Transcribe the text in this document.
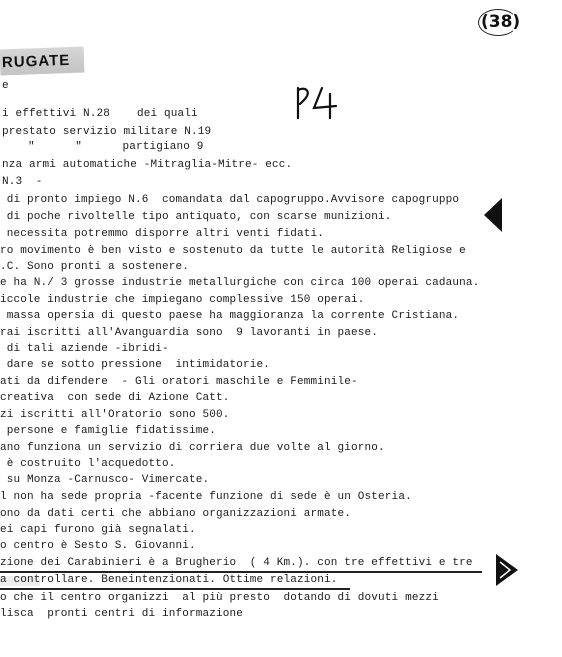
RUGATE
e
(38)
i effettivi N.28    dei quali
prestato servizio militare N.19
"      "      partigiano 9
nza armi automatiche -Mitraglia-Mitre- ecc.
N.3  -
di pronto impiego N.6  comandata dal capogruppo.Avvisore capogruppo
di poche rivoltelle tipo antiquato, con scarse munizioni.
necessita potremmo disporre altri venti fidati.
ro movimento è ben visto e sostenuto da tutte le autorità Religiose e
.C. Sono pronti a sostenere.
e ha N./ 3 grosse industrie metallurgiche con circa 100 operai cadauna.
iccole industrie che impiegano complessive 150 operai.
massa opersia di questo paese ha maggioranza la corrente Cristiana.
rai iscritti all'Avanguardia sono  9 lavoranti in paese.
di tali aziende -ibridi-
dare se sotto pressione  intimidatorie.
ati da difendere  - Gli oratori maschile e Femminile-
creativa  con sede di Azione Catt.
zi iscritti all'Oratorio sono 500.
persone e famiglie fidatissime.
ano funziona un servizio di corriera due volte al giorno.
è costruito l'acquedotto.
su Monza -Carnusco- Vimercate.
l non ha sede propria -facente funzione di sede è un Osteria.
ono da dati certi che abbiano organizzazioni armate.
ei capi furono già segnalati.
o centro è Sesto S. Giovanni.
zione dei Carabinieri è a Brugherio  ( 4 Km.). con tre effettivi e tre
a controllare. Beneintenzionati. Ottime relazioni.
o che il centro organizzi  al più presto  dotando di dovuti mezzi
lisca  pronti centri di informazione
